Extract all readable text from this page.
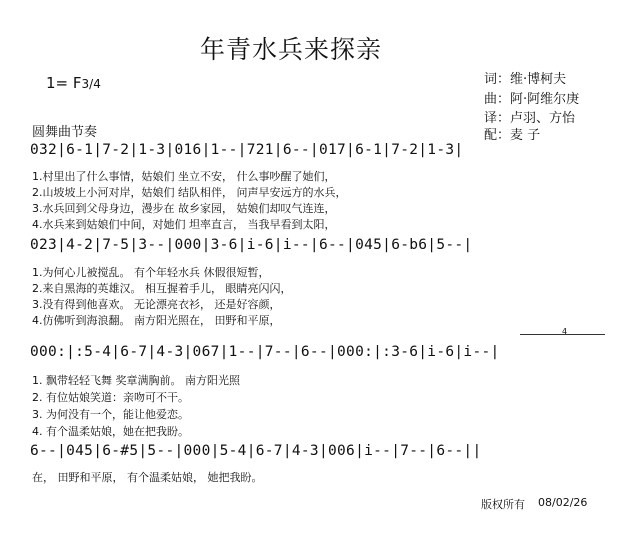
年青水兵来探亲
1= F3/4	词：维·博柯夫
曲：阿·阿维尔庚
译：卢羽、方怡
配：麦 子
圆舞曲节奏
032|6-1|7-2|1-3|016|1--|721|6--|017|6-1|7-2|1-3|
1.村里出了什么事情，姑娘们 坐立不安， 什么事吵醒了她们，
2.山坡坡上小河对岸，姑娘们 结队相伴， 问声早安远方的水兵，
3.水兵回到父母身边，漫步在 故乡家园， 姑娘们却叹气连连，
4.水兵来到姑娘们中间，对她们 坦率直言， 当我早看到太阳，
023|4-2|7-5|3--|000|3-6|i-6|i--|6--|045|6-b6|5--|
1.为何心儿被搅乱。 有个年轻水兵 休假很短暂，
2.来自黑海的英雄汉。 相互握着手儿， 眼睛亮闪闪，
3.没有得到他喜欢。 无论漂亮衣衫， 还是好容颜，
4.仿佛听到海浪翻。 南方阳光照在， 田野和平原，
4
000:|:5-4|6-7|4-3|067|1--|7--|6--|000:|:3-6|i-6|i--|
1. 飘带轻轻飞舞 奖章满胸前。 南方阳光照
2. 有位姑娘笑道：亲吻可不干。
3. 为何没有一个，能让他爱恋。
4. 有个温柔姑娘，她在把我盼。
6--|045|6-#5|5--|000|5-4|6-7|4-3|006|i--|7--|6--||
在， 田野和平原， 有个温柔姑娘， 她把我盼。
版权所有 08/02/26
